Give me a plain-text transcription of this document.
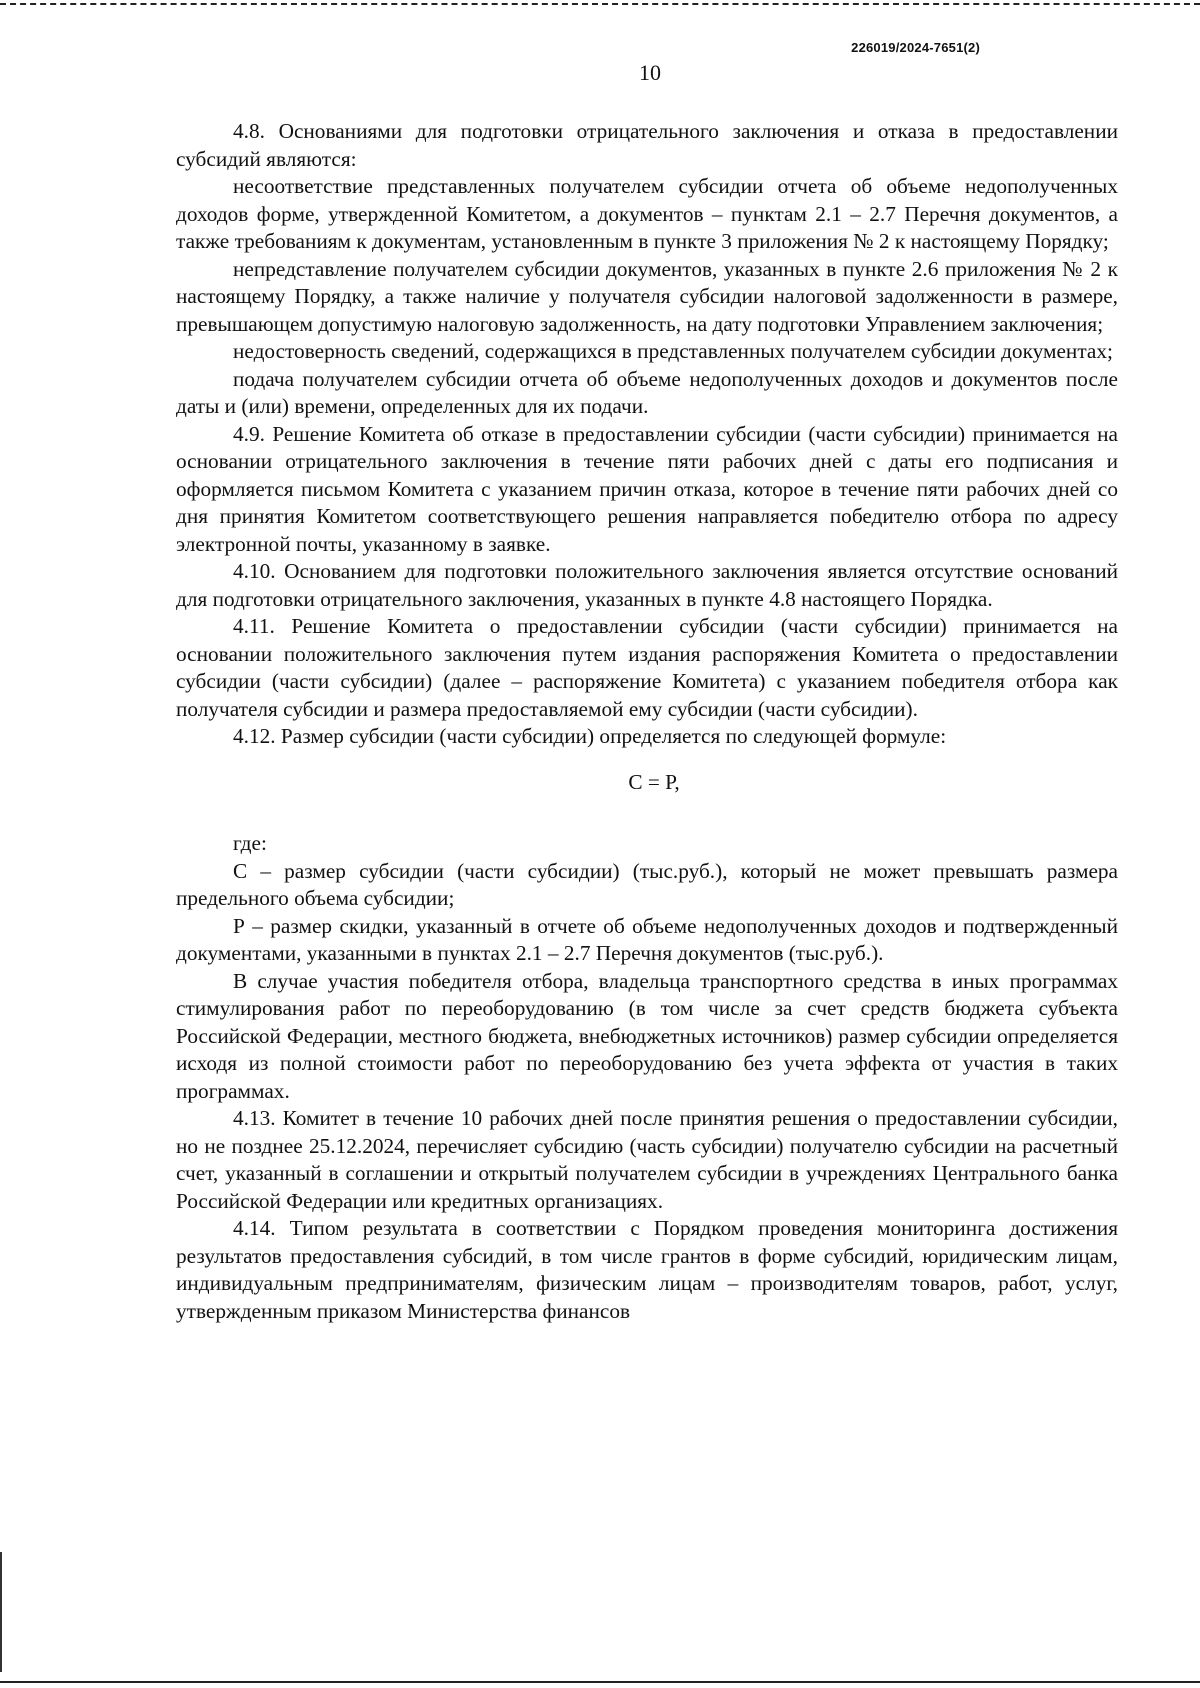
226019/2024-7651(2)
10

4.8. Основаниями для подготовки отрицательного заключения и отказа в предоставлении субсидий являются:

несоответствие представленных получателем субсидии отчета об объеме недополученных доходов форме, утвержденной Комитетом, а документов – пунктам 2.1 – 2.7 Перечня документов, а также требованиям к документам, установленным в пункте 3 приложения № 2 к настоящему Порядку;

непредставление получателем субсидии документов, указанных в пункте 2.6 приложения № 2 к настоящему Порядку, а также наличие у получателя субсидии налоговой задолженности в размере, превышающем допустимую налоговую задолженность, на дату подготовки Управлением заключения;

недостоверность сведений, содержащихся в представленных получателем субсидии документах;

подача получателем субсидии отчета об объеме недополученных доходов и документов после даты и (или) времени, определенных для их подачи.

4.9. Решение Комитета об отказе в предоставлении субсидии (части субсидии) принимается на основании отрицательного заключения в течение пяти рабочих дней с даты его подписания и оформляется письмом Комитета с указанием причин отказа, которое в течение пяти рабочих дней со дня принятия Комитетом соответствующего решения направляется победителю отбора по адресу электронной почты, указанному в заявке.

4.10. Основанием для подготовки положительного заключения является отсутствие оснований для подготовки отрицательного заключения, указанных в пункте 4.8 настоящего Порядка.

4.11. Решение Комитета о предоставлении субсидии (части субсидии) принимается на основании положительного заключения путем издания распоряжения Комитета о предоставлении субсидии (части субсидии) (далее – распоряжение Комитета) с указанием победителя отбора как получателя субсидии и размера предоставляемой ему субсидии (части субсидии).

4.12. Размер субсидии (части субсидии) определяется по следующей формуле:

С = Р,

где:

С – размер субсидии (части субсидии) (тыс.руб.), который не может превышать размера предельного объема субсидии;

Р – размер скидки, указанный в отчете об объеме недополученных доходов и подтвержденный документами, указанными в пунктах 2.1 – 2.7 Перечня документов (тыс.руб.).

В случае участия победителя отбора, владельца транспортного средства в иных программах стимулирования работ по переоборудованию (в том числе за счет средств бюджета субъекта Российской Федерации, местного бюджета, внебюджетных источников) размер субсидии определяется исходя из полной стоимости работ по переоборудованию без учета эффекта от участия в таких программах.

4.13. Комитет в течение 10 рабочих дней после принятия решения о предоставлении субсидии, но не позднее 25.12.2024, перечисляет субсидию (часть субсидии) получателю субсидии на расчетный счет, указанный в соглашении и открытый получателем субсидии в учреждениях Центрального банка Российской Федерации или кредитных организациях.

4.14. Типом результата в соответствии с Порядком проведения мониторинга достижения результатов предоставления субсидий, в том числе грантов в форме субсидий, юридическим лицам, индивидуальным предпринимателям, физическим лицам – производителям товаров, работ, услуг, утвержденным приказом Министерства финансов
